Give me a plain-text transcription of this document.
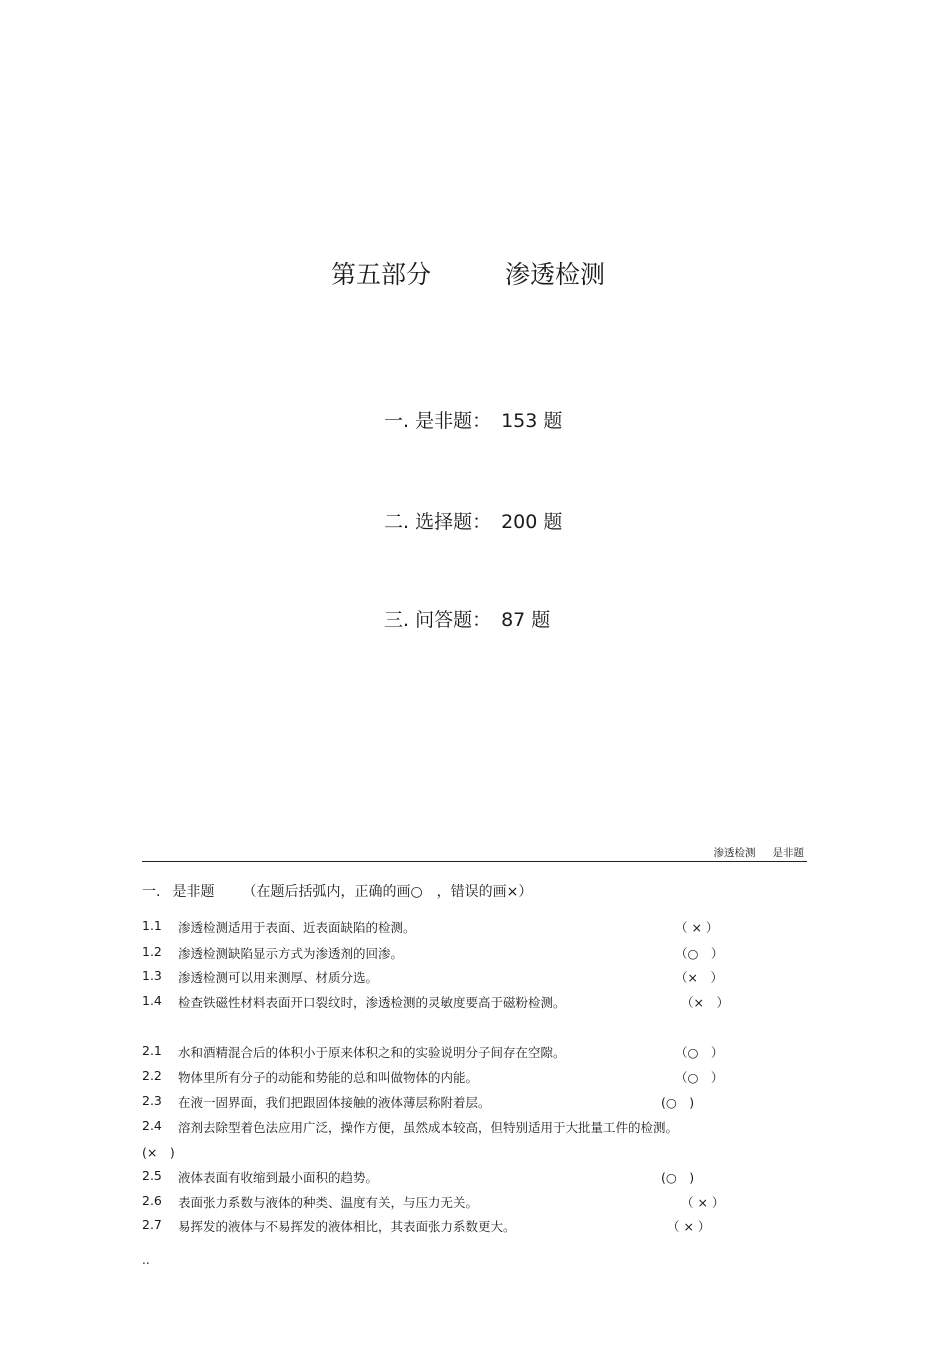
第五部分	渗透检测
一. 是非题： 153 题
二. 选择题： 200 题
三. 问答题： 87 题
渗透检测 是非题
一. 是非题 （在题后括弧内，正确的画○　，错误的画×）
1.1 渗透检测适用于表面、近表面缺陷的检测。	（ × ）
1.2 渗透检测缺陷显示方式为渗透剂的回渗。	（○　）
1.3 渗透检测可以用来测厚、材质分选。	（×　）
1.4 检查铁磁性材料表面开口裂纹时，渗透检测的灵敏度要高于磁粉检测。	（×　）
2.1 水和酒精混合后的体积小于原来体积之和的实验说明分子间存在空隙。	（○　）
2.2 物体里所有分子的动能和势能的总和叫做物体的内能。	（○　）
2.3 在液一固界面，我们把跟固体接触的液体薄层称附着层。	(○　)
2.4 溶剂去除型着色法应用广泛，操作方便，虽然成本较高，但特别适用于大批量工件的检测。
(×　)
2.5 液体表面有收缩到最小面积的趋势。	(○　)
2.6 表面张力系数与液体的种类、温度有关，与压力无关。	（ × ）
2.7 易挥发的液体与不易挥发的液体相比，其表面张力系数更大。	（ × ）
..
